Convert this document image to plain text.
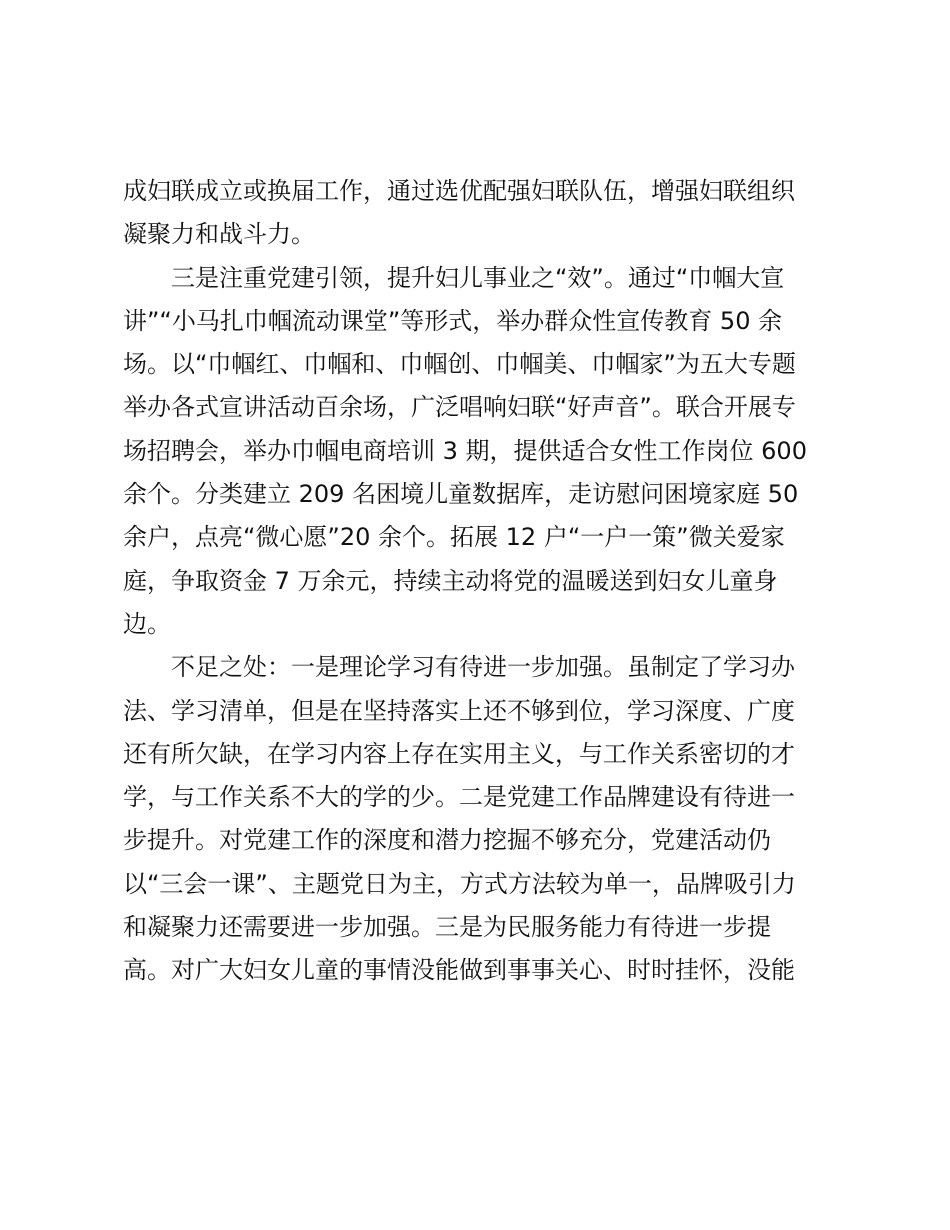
成妇联成立或换届工作，通过选优配强妇联队伍，增强妇联组织
凝聚力和战斗力。
三是注重党建引领，提升妇儿事业之“效”。通过“巾帼大宣
讲”“小马扎巾帼流动课堂”等形式，举办群众性宣传教育 50 余
场。以“巾帼红、巾帼和、巾帼创、巾帼美、巾帼家”为五大专题
举办各式宣讲活动百余场，广泛唱响妇联“好声音”。联合开展专
场招聘会，举办巾帼电商培训 3 期，提供适合女性工作岗位 600
余个。分类建立 209 名困境儿童数据库，走访慰问困境家庭 50
余户，点亮“微心愿”20 余个。拓展 12 户“一户一策”微关爱家
庭，争取资金 7 万余元，持续主动将党的温暖送到妇女儿童身
边。
不足之处：一是理论学习有待进一步加强。虽制定了学习办
法、学习清单，但是在坚持落实上还不够到位，学习深度、广度
还有所欠缺，在学习内容上存在实用主义，与工作关系密切的才
学，与工作关系不大的学的少。二是党建工作品牌建设有待进一
步提升。对党建工作的深度和潜力挖掘不够充分，党建活动仍
以“三会一课”、主题党日为主，方式方法较为单一，品牌吸引力
和凝聚力还需要进一步加强。三是为民服务能力有待进一步提
高。对广大妇女儿童的事情没能做到事事关心、时时挂怀，没能
